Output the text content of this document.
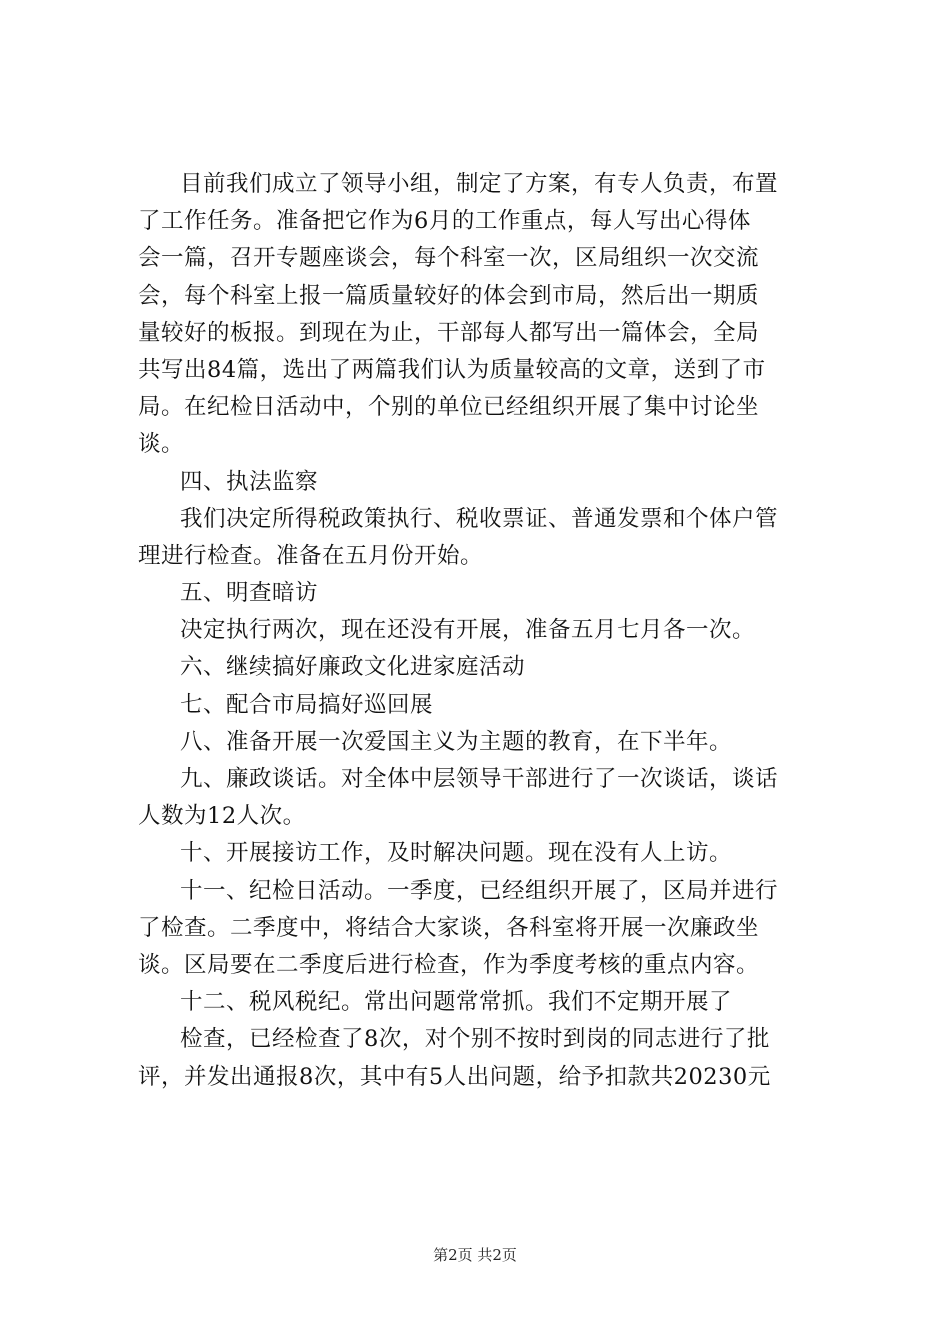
目前我们成立了领导小组，制定了方案，有专人负责，布置
了工作任务。准备把它作为6月的工作重点，每人写出心得体
会一篇，召开专题座谈会，每个科室一次，区局组织一次交流
会，每个科室上报一篇质量较好的体会到市局，然后出一期质
量较好的板报。到现在为止，干部每人都写出一篇体会，全局
共写出84篇，选出了两篇我们认为质量较高的文章，送到了市
局。在纪检日活动中，个别的单位已经组织开展了集中讨论坐
谈。
四、执法监察
我们决定所得税政策执行、税收票证、普通发票和个体户管
理进行检查。准备在五月份开始。
五、明查暗访
决定执行两次，现在还没有开展，准备五月七月各一次。
六、继续搞好廉政文化进家庭活动
七、配合市局搞好巡回展
八、准备开展一次爱国主义为主题的教育，在下半年。
九、廉政谈话。对全体中层领导干部进行了一次谈话，谈话
人数为12人次。
十、开展接访工作，及时解决问题。现在没有人上访。
十一、纪检日活动。一季度，已经组织开展了，区局并进行
了检查。二季度中，将结合大家谈，各科室将开展一次廉政坐
谈。区局要在二季度后进行检查，作为季度考核的重点内容。
十二、税风税纪。常出问题常常抓。我们不定期开展了
检查，已经检查了8次，对个别不按时到岗的同志进行了批
评，并发出通报8次，其中有5人出问题，给予扣款共20230元
第2页 共2页
